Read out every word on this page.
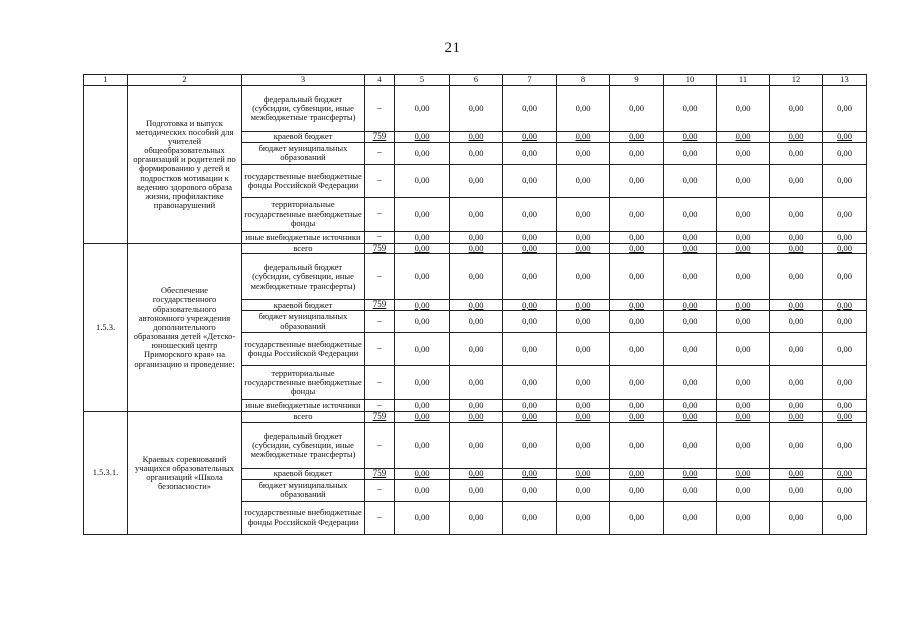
21
1	2	3	4	5	6	7	8	9	10	11	12	13
	Подготовка и выпуск методических пособий для учителей общеобразовательных организаций и родителей по формированию у детей и подростков мотивации к ведению здорового образа жизни, профилактике правонарушений	федеральный бюджет (субсидии, субвенции, иные межбюджетные трансферты)	–	0,00	0,00	0,00	0,00	0,00	0,00	0,00	0,00	0,00
		краевой бюджет	759	0,00	0,00	0,00	0,00	0,00	0,00	0,00	0,00	0,00
		бюджет муниципальных образований	–	0,00	0,00	0,00	0,00	0,00	0,00	0,00	0,00	0,00
		государственные внебюджетные фонды Российской Федерации	–	0,00	0,00	0,00	0,00	0,00	0,00	0,00	0,00	0,00
		территориальные государственные внебюджетные фонды	–	0,00	0,00	0,00	0,00	0,00	0,00	0,00	0,00	0,00
		иные внебюджетные источники	–	0,00	0,00	0,00	0,00	0,00	0,00	0,00	0,00	0,00
1.5.3.	Обеспечение государственного образовательного автономного учреждения дополнительного образования детей «Детско-юношеский центр Приморского края» на организацию и проведение:	всего	759	0,00	0,00	0,00	0,00	0,00	0,00	0,00	0,00	0,00
		федеральный бюджет (субсидии, субвенции, иные межбюджетные трансферты)	–	0,00	0,00	0,00	0,00	0,00	0,00	0,00	0,00	0,00
		краевой бюджет	759	0,00	0,00	0,00	0,00	0,00	0,00	0,00	0,00	0,00
		бюджет муниципальных образований	–	0,00	0,00	0,00	0,00	0,00	0,00	0,00	0,00	0,00
		государственные внебюджетные фонды Российской Федерации	–	0,00	0,00	0,00	0,00	0,00	0,00	0,00	0,00	0,00
		территориальные государственные внебюджетные фонды	–	0,00	0,00	0,00	0,00	0,00	0,00	0,00	0,00	0,00
		иные внебюджетные источники	–	0,00	0,00	0,00	0,00	0,00	0,00	0,00	0,00	0,00
1.5.3.1.	Краевых соревнований учащихся образовательных организаций «Школа безопасности»	всего	759	0,00	0,00	0,00	0,00	0,00	0,00	0,00	0,00	0,00
		федеральный бюджет (субсидии, субвенции, иные межбюджетные трансферты)	–	0,00	0,00	0,00	0,00	0,00	0,00	0,00	0,00	0,00
		краевой бюджет	759	0,00	0,00	0,00	0,00	0,00	0,00	0,00	0,00	0,00
		бюджет муниципальных образований	–	0,00	0,00	0,00	0,00	0,00	0,00	0,00	0,00	0,00
		государственные внебюджетные фонды Российской Федерации	–	0,00	0,00	0,00	0,00	0,00	0,00	0,00	0,00	0,00
